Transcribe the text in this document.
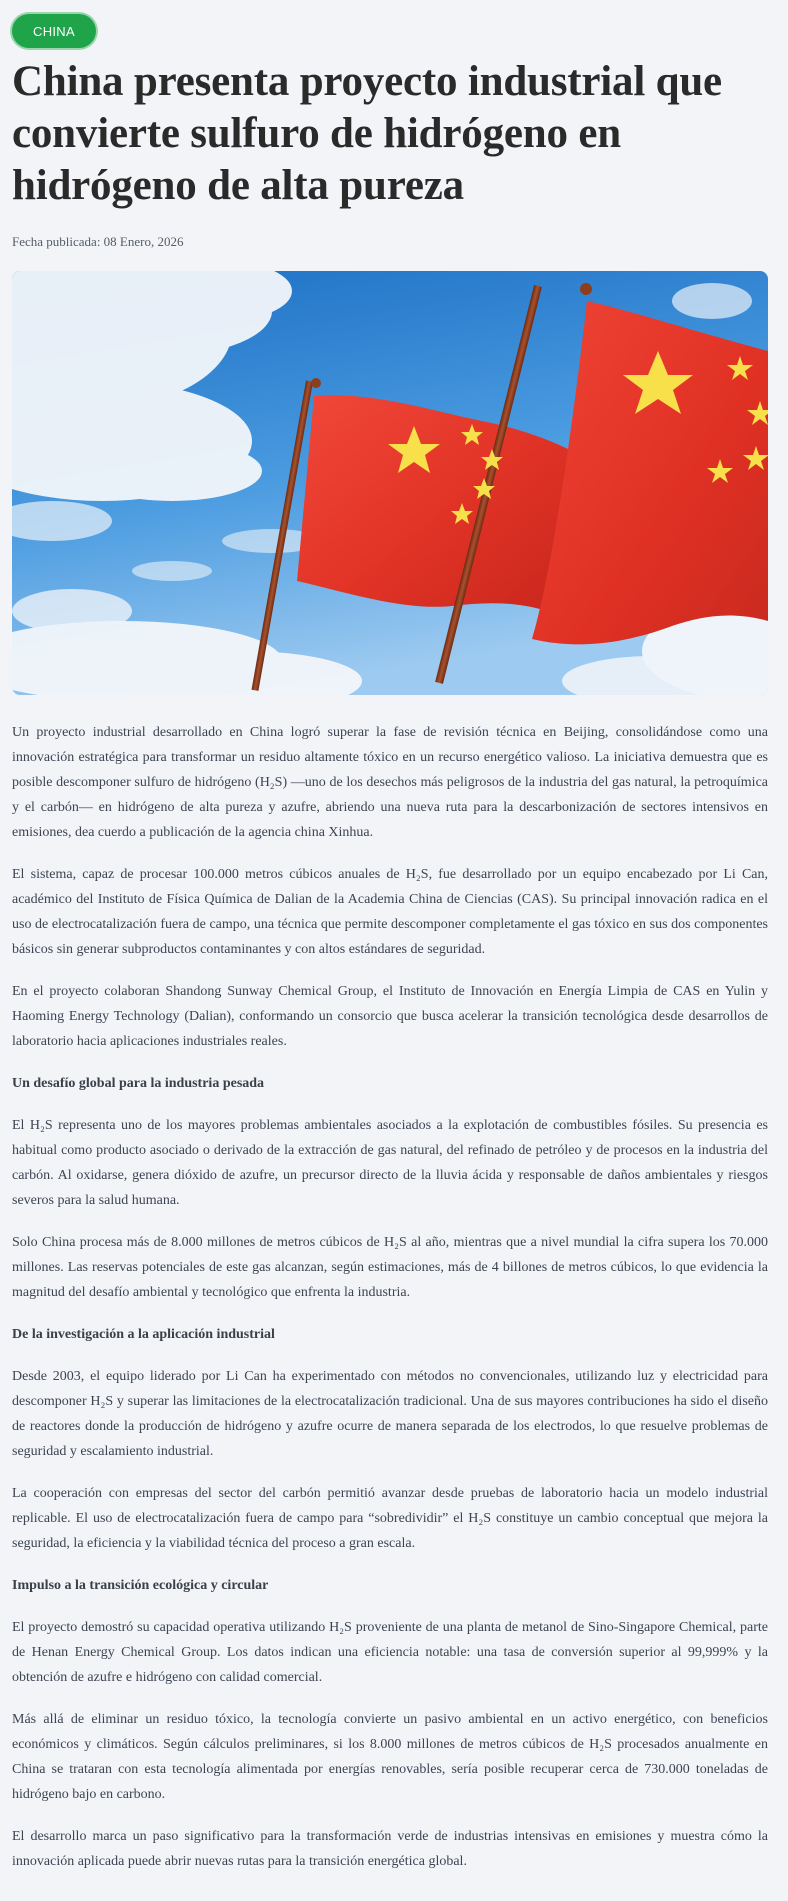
CHINA
China presenta proyecto industrial que convierte sulfuro de hidrógeno en hidrógeno de alta pureza

Fecha publicada: 08 Enero, 2026

Un proyecto industrial desarrollado en China logró superar la fase de revisión técnica en Beijing, consolidándose como una innovación estratégica para transformar un residuo altamente tóxico en un recurso energético valioso. La iniciativa demuestra que es posible descomponer sulfuro de hidrógeno (H₂S) —uno de los desechos más peligrosos de la industria del gas natural, la petroquímica y el carbón— en hidrógeno de alta pureza y azufre, abriendo una nueva ruta para la descarbonización de sectores intensivos en emisiones, dea cuerdo a publicación de la agencia china Xinhua.

El sistema, capaz de procesar 100.000 metros cúbicos anuales de H₂S, fue desarrollado por un equipo encabezado por Li Can, académico del Instituto de Física Química de Dalian de la Academia China de Ciencias (CAS). Su principal innovación radica en el uso de electrocatalización fuera de campo, una técnica que permite descomponer completamente el gas tóxico en sus dos componentes básicos sin generar subproductos contaminantes y con altos estándares de seguridad.

En el proyecto colaboran Shandong Sunway Chemical Group, el Instituto de Innovación en Energía Limpia de CAS en Yulin y Haoming Energy Technology (Dalian), conformando un consorcio que busca acelerar la transición tecnológica desde desarrollos de laboratorio hacia aplicaciones industriales reales.

Un desafío global para la industria pesada

El H₂S representa uno de los mayores problemas ambientales asociados a la explotación de combustibles fósiles. Su presencia es habitual como producto asociado o derivado de la extracción de gas natural, del refinado de petróleo y de procesos en la industria del carbón. Al oxidarse, genera dióxido de azufre, un precursor directo de la lluvia ácida y responsable de daños ambientales y riesgos severos para la salud humana.

Solo China procesa más de 8.000 millones de metros cúbicos de H₂S al año, mientras que a nivel mundial la cifra supera los 70.000 millones. Las reservas potenciales de este gas alcanzan, según estimaciones, más de 4 billones de metros cúbicos, lo que evidencia la magnitud del desafío ambiental y tecnológico que enfrenta la industria.

De la investigación a la aplicación industrial

Desde 2003, el equipo liderado por Li Can ha experimentado con métodos no convencionales, utilizando luz y electricidad para descomponer H₂S y superar las limitaciones de la electrocatalización tradicional. Una de sus mayores contribuciones ha sido el diseño de reactores donde la producción de hidrógeno y azufre ocurre de manera separada de los electrodos, lo que resuelve problemas de seguridad y escalamiento industrial.

La cooperación con empresas del sector del carbón permitió avanzar desde pruebas de laboratorio hacia un modelo industrial replicable. El uso de electrocatalización fuera de campo para “sobredividir” el H₂S constituye un cambio conceptual que mejora la seguridad, la eficiencia y la viabilidad técnica del proceso a gran escala.

Impulso a la transición ecológica y circular

El proyecto demostró su capacidad operativa utilizando H₂S proveniente de una planta de metanol de Sino-Singapore Chemical, parte de Henan Energy Chemical Group. Los datos indican una eficiencia notable: una tasa de conversión superior al 99,999% y la obtención de azufre e hidrógeno con calidad comercial.

Más allá de eliminar un residuo tóxico, la tecnología convierte un pasivo ambiental en un activo energético, con beneficios económicos y climáticos. Según cálculos preliminares, si los 8.000 millones de metros cúbicos de H₂S procesados anualmente en China se trataran con esta tecnología alimentada por energías renovables, sería posible recuperar cerca de 730.000 toneladas de hidrógeno bajo en carbono.

El desarrollo marca un paso significativo para la transformación verde de industrias intensivas en emisiones y muestra cómo la innovación aplicada puede abrir nuevas rutas para la transición energética global.
